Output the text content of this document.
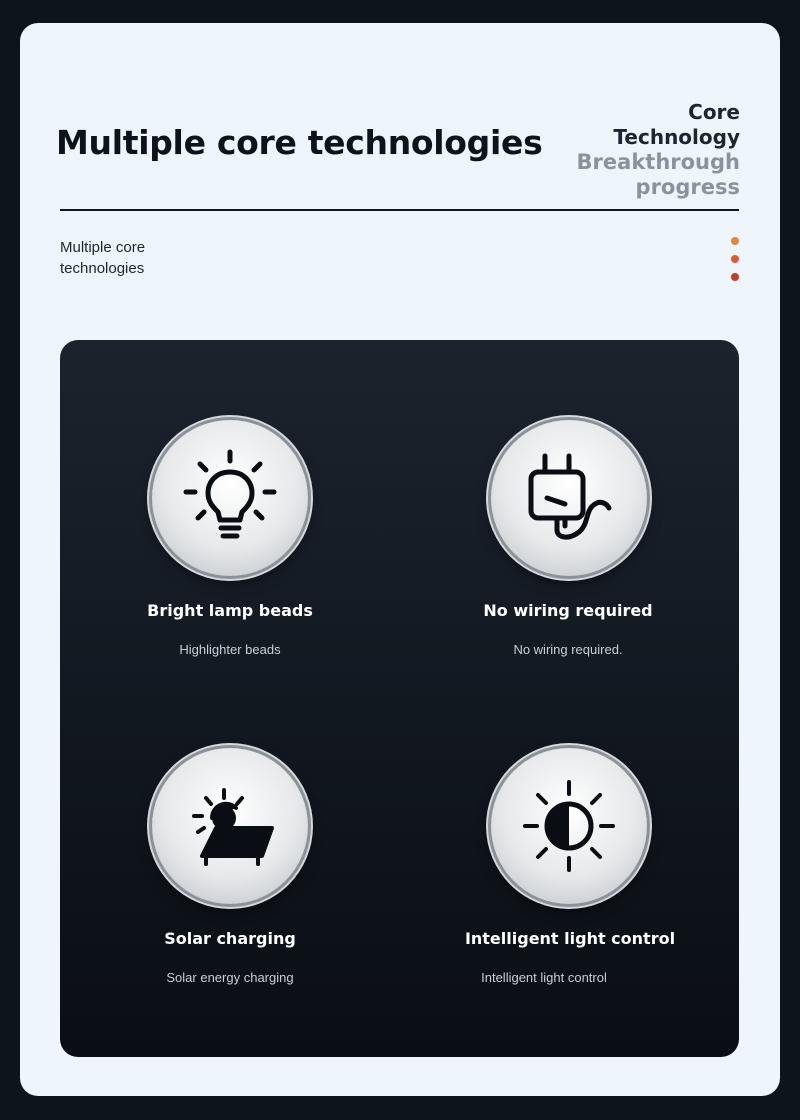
Multiple core technologies
Core
Technology
Breakthrough
progress
Multiple core technologies
Bright lamp beads
Highlighter beads
No wiring required
No wiring required.
Solar charging
Solar energy charging
Intelligent light control
Intelligent light control
